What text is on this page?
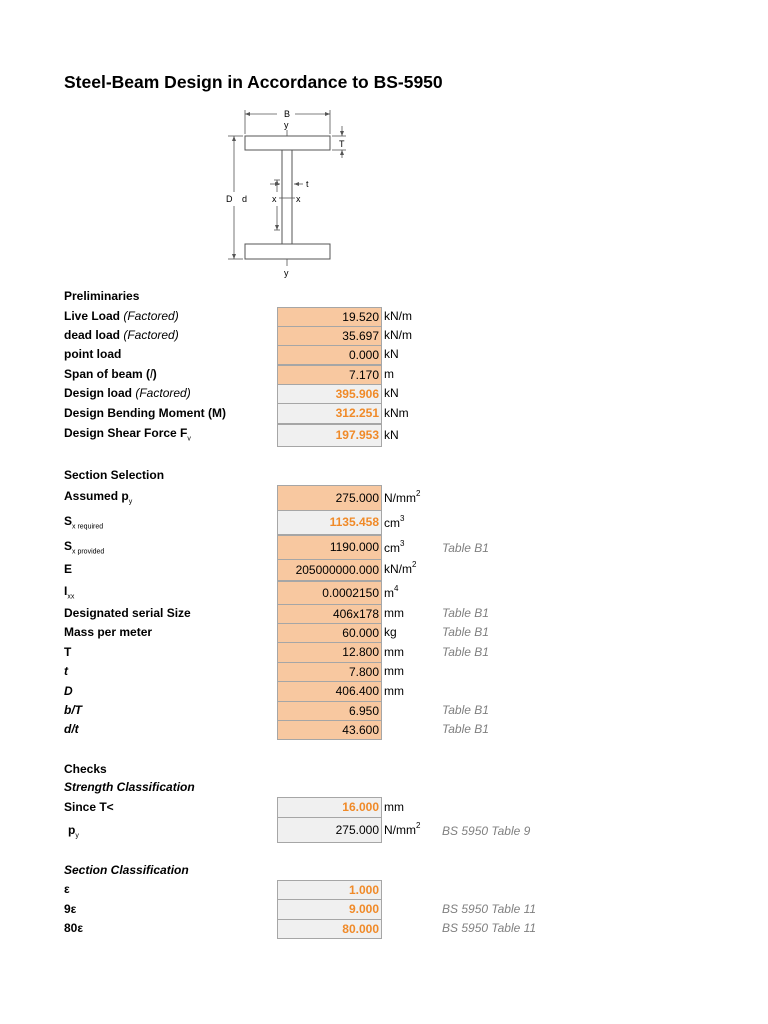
Steel-Beam Design in Accordance to BS-5950
B
y
T
t
D d	x x
y
Preliminaries
Live Load (Factored)	19.520 kN/m
dead load (Factored)	35.697 kN/m
point load	0.000 kN
Span of beam (l)	7.170 m
Design load (Factored)	395.906 kN
Design Bending Moment (M)	312.251 kNm
Design Shear Force $F_v$	197.953 kN
Section Selection
Assumed $p_y$	275.000 $N/mm^2$
$S_{x required}$	1135.458 $cm^3$
$S_{x provided}$	1190.000 $cm^3$	Table B1
E	205000000.000 $kN/m^2$
$I_{xx}$	0.0002150 $m^4$
Designated serial Size	406x178 mm	Table B1
Mass per meter	60.000 kg	Table B1
T	12.800 mm	Table B1
t	7.800 mm
D	406.400 mm
b/T	6.950	Table B1
d/t	43.600	Table B1
Checks
Strength Classification
Since T<	16.000 mm
$p_y$	275.000 $N/mm^2$ BS 5950 Table 9
Section Classification
ε	1.000
9ε	9.000	BS 5950 Table 11
80ε	80.000	BS 5950 Table 11
